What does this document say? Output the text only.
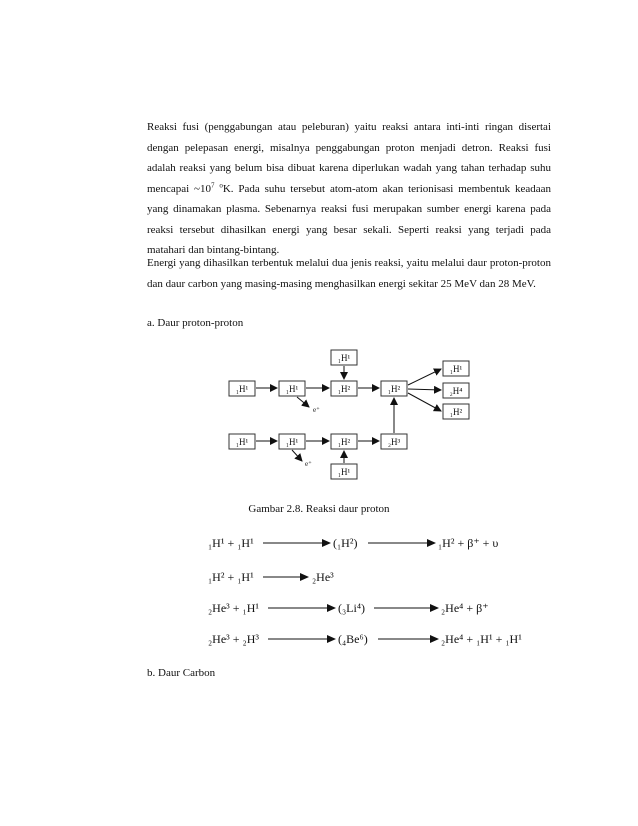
Reaksi fusi (penggabungan atau peleburan) yaitu reaksi antara inti-inti ringan disertai dengan pelepasan energi, misalnya penggabungan proton menjadi detron. Reaksi fusi adalah reaksi yang belum bisa dibuat karena diperlukan wadah yang tahan terhadap suhu mencapai $\sim 10^7$ $^o$K. Pada suhu tersebut atom-atom akan terionisasi membentuk keadaan yang dinamakan plasma. Sebenarnya reaksi fusi merupakan sumber energi karena pada reaksi tersebut dihasilkan energi yang besar sekali. Seperti reaksi yang terjadi pada matahari dan bintang-bintang.

Energi yang dihasilkan terbentuk melalui dua jenis reaksi, yaitu melalui daur proton-proton dan daur carbon yang masing-masing menghasilkan energi sekitar 25 MeV dan 28 MeV.

a. Daur proton-proton

₁H¹	₁H¹	₁H²	₁H²
₁H¹
₁H¹
₂H⁴
₁H²
₁H¹	₁H¹	₁H²	₂H³
₁H¹
e⁺
e⁺
Gambar 2.8. Reaksi daur proton
₁H¹ + ₁H¹	(₁H²)	₁H² + β⁺ + υ
₁H² + ₁H¹	₂He³
₂He³ + ₁H¹	(₃Li⁴)	₂He⁴ + β⁺
₂He³ + ₂H³	(₄Be⁶)	₂He⁴ + ₁H¹ + ₁H¹

b. Daur Carbon
